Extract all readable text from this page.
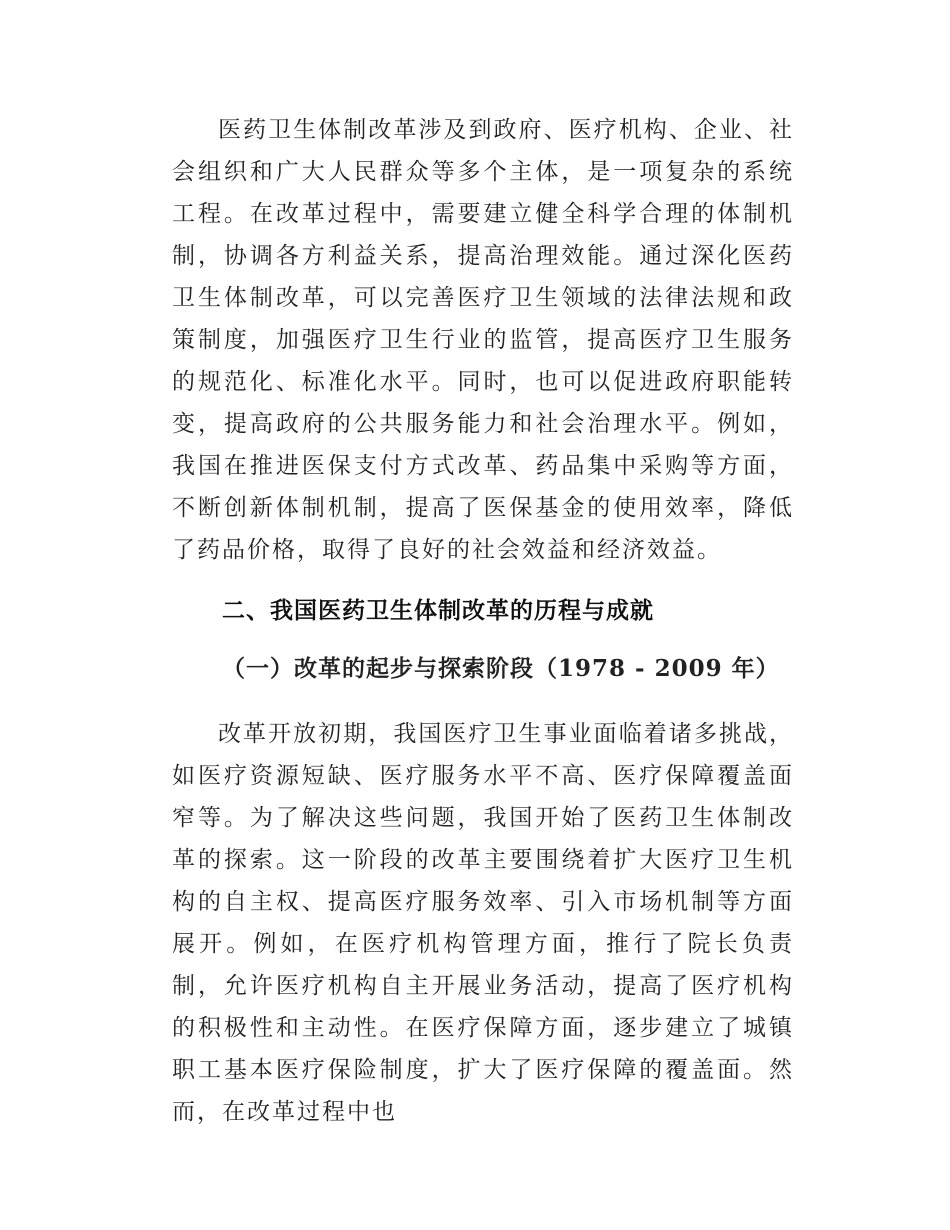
医药卫生体制改革涉及到政府、医疗机构、企业、社会组织和广大人民群众等多个主体，是一项复杂的系统工程。在改革过程中，需要建立健全科学合理的体制机制，协调各方利益关系，提高治理效能。通过深化医药卫生体制改革，可以完善医疗卫生领域的法律法规和政策制度，加强医疗卫生行业的监管，提高医疗卫生服务的规范化、标准化水平。同时，也可以促进政府职能转变，提高政府的公共服务能力和社会治理水平。例如，我国在推进医保支付方式改革、药品集中采购等方面，不断创新体制机制，提高了医保基金的使用效率，降低了药品价格，取得了良好的社会效益和经济效益。

二、我国医药卫生体制改革的历程与成就
（一）改革的起步与探索阶段（1978 - 2009 年）

改革开放初期，我国医疗卫生事业面临着诸多挑战，如医疗资源短缺、医疗服务水平不高、医疗保障覆盖面窄等。为了解决这些问题，我国开始了医药卫生体制改革的探索。这一阶段的改革主要围绕着扩大医疗卫生机构的自主权、提高医疗服务效率、引入市场机制等方面展开。例如，在医疗机构管理方面，推行了院长负责制，允许医疗机构自主开展业务活动，提高了医疗机构的积极性和主动性。在医疗保障方面，逐步建立了城镇职工基本医疗保险制度，扩大了医疗保障的覆盖面。然而，在改革过程中也
